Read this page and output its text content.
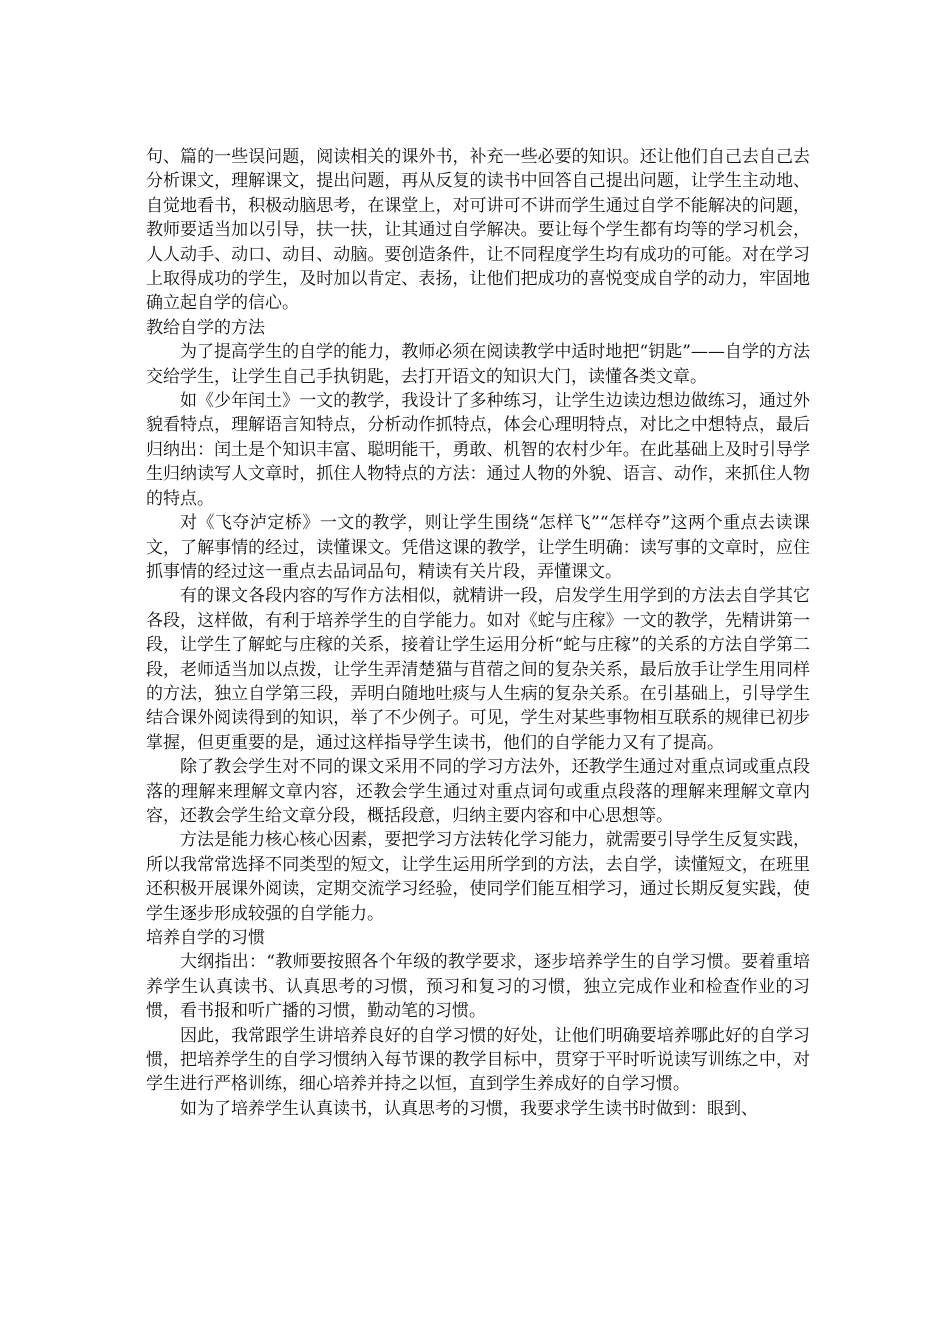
句、篇的一些误问题，阅读相关的课外书，补充一些必要的知识。还让他们自己去自己去分析课文，理解课文，提出问题，再从反复的读书中回答自己提出问题，让学生主动地、自觉地看书，积极动脑思考，在课堂上，对可讲可不讲而学生通过自学不能解决的问题，教师要适当加以引导，扶一扶，让其通过自学解决。要让每个学生都有均等的学习机会，人人动手、动口、动目、动脑。要创造条件，让不同程度学生均有成功的可能。对在学习上取得成功的学生，及时加以肯定、表扬，让他们把成功的喜悦变成自学的动力，牢固地确立起自学的信心。

教给自学的方法

为了提高学生的自学的能力，教师必须在阅读教学中适时地把“钥匙”——自学的方法交给学生，让学生自己手执钥匙，去打开语文的知识大门，读懂各类文章。

如《少年闰土》一文的教学，我设计了多种练习，让学生边读边想边做练习，通过外貌看特点，理解语言知特点，分析动作抓特点，体会心理明特点，对比之中想特点，最后归纳出：闰土是个知识丰富、聪明能干，勇敢、机智的农村少年。在此基础上及时引导学生归纳读写人文章时，抓住人物特点的方法：通过人物的外貌、语言、动作，来抓住人物的特点。

对《飞夺泸定桥》一文的教学，则让学生围绕“怎样飞”“怎样夺”这两个重点去读课文，了解事情的经过，读懂课文。凭借这课的教学，让学生明确：读写事的文章时，应住抓事情的经过这一重点去品词品句，精读有关片段，弄懂课文。

有的课文各段内容的写作方法相似，就精讲一段，启发学生用学到的方法去自学其它各段，这样做，有利于培养学生的自学能力。如对《蛇与庄稼》一文的教学，先精讲第一段，让学生了解蛇与庄稼的关系，接着让学生运用分析“蛇与庄稼”的关系的方法自学第二段，老师适当加以点拨，让学生弄清楚猫与苜蓿之间的复杂关系，最后放手让学生用同样的方法，独立自学第三段，弄明白随地吐痰与人生病的复杂关系。在引基础上，引导学生结合课外阅读得到的知识，举了不少例子。可见，学生对某些事物相互联系的规律已初步掌握，但更重要的是，通过这样指导学生读书，他们的自学能力又有了提高。

除了教会学生对不同的课文采用不同的学习方法外，还教学生通过对重点词或重点段落的理解来理解文章内容，还教会学生通过对重点词句或重点段落的理解来理解文章内容，还教会学生给文章分段，概括段意，归纳主要内容和中心思想等。

方法是能力核心核心因素，要把学习方法转化学习能力，就需要引导学生反复实践，所以我常常选择不同类型的短文，让学生运用所学到的方法，去自学，读懂短文，在班里还积极开展课外阅读，定期交流学习经验，使同学们能互相学习，通过长期反复实践，使学生逐步形成较强的自学能力。

培养自学的习惯

大纲指出：“教师要按照各个年级的教学要求，逐步培养学生的自学习惯。要着重培养学生认真读书、认真思考的习惯，预习和复习的习惯，独立完成作业和检查作业的习惯，看书报和听广播的习惯，勤动笔的习惯。

因此，我常跟学生讲培养良好的自学习惯的好处，让他们明确要培养哪此好的自学习惯，把培养学生的自学习惯纳入每节课的教学目标中，贯穿于平时听说读写训练之中，对学生进行严格训练，细心培养并持之以恒，直到学生养成好的自学习惯。

如为了培养学生认真读书，认真思考的习惯，我要求学生读书时做到：眼到、
